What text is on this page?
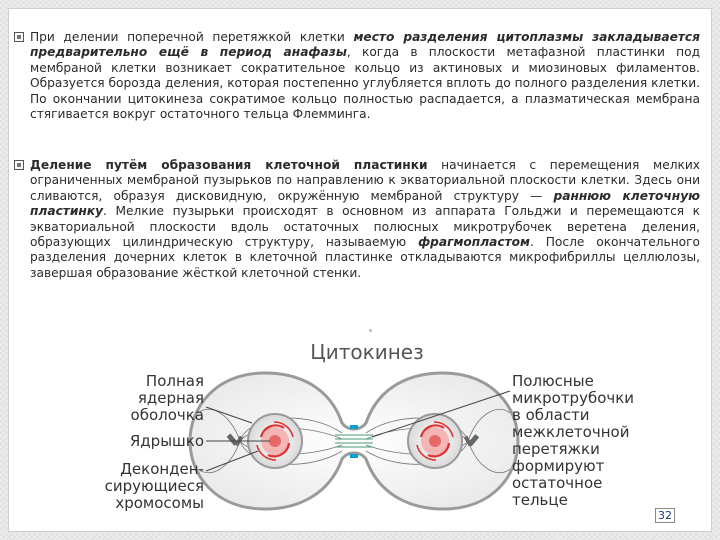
При делении поперечной перетяжкой клетки место разделения цитоплазмы закладывается предварительно ещё в период анафазы, когда в плоскости метафазной пластинки под мембраной клетки возникает сократительное кольцо из актиновых и миозиновых филаментов. Образуется борозда деления, которая постепенно углубляется вплоть до полного разделения клетки. По окончании цитокинеза сократимое кольцо полностью распадается, а плазматическая мембрана стягивается вокруг остаточного тельца Флемминга.
Деление путём образования клеточной пластинки начинается с перемещения мелких ограниченных мембраной пузырьков по направлению к экваториальной плоскости клетки. Здесь они сливаются, образуя дисковидную, окружённую мембраной структуру — раннюю клеточную пластинку. Мелкие пузырьки происходят в основном из аппарата Гольджи и перемещаются к экваториальной плоскости вдоль остаточных полюсных микротрубочек веретена деления, образующих цилиндрическую структуру, называемую фрагмопластом. После окончательного разделения дочерних клеток в клеточной пластинке откладываются микрофибриллы целлюлозы, завершая образование жёсткой клеточной стенки.
Цитокинез
Полная
ядерная
оболочка
Ядрышко
Деконден-
сирующиеся
хромосомы
Полюсные
микротрубочки
в области
межклеточной
перетяжки
формируют
остаточное
тельце
32
